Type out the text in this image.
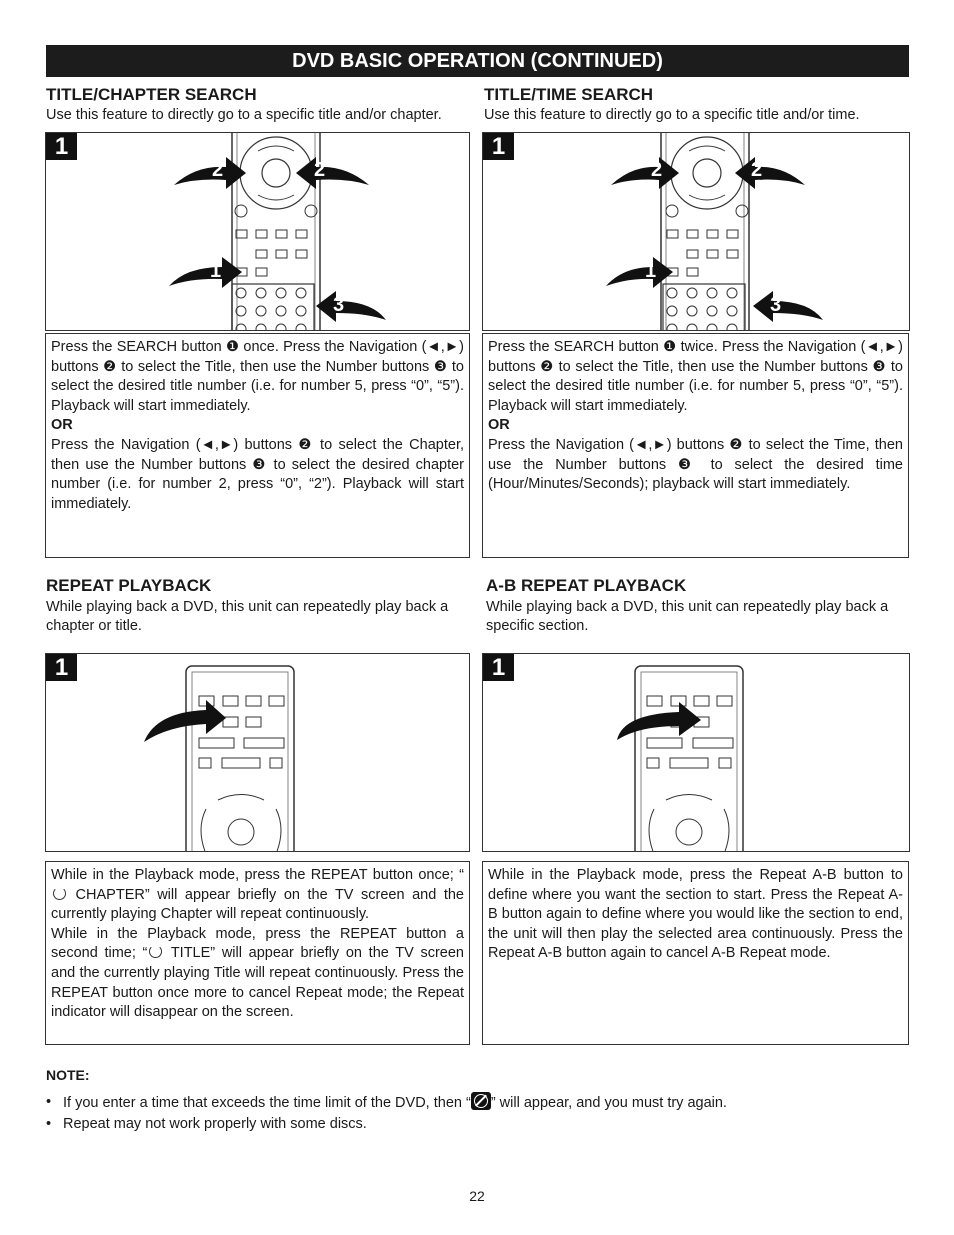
DVD BASIC OPERATION (CONTINUED)
TITLE/CHAPTER SEARCH
Use this feature to directly go to a specific title and/or chapter.
1
2	2
1
3

Press the SEARCH button ❶ once. Press the Navigation (◄,►) buttons ❷ to select the Title, then use the Number buttons ❸ to select the desired title number (i.e. for number 5, press “0”, “5”). Playback will start immediately.

OR

Press the Navigation (◄,►) buttons ❷ to select the Chapter, then use the Number buttons ❸ to select the desired chapter number (i.e. for number 2, press “0”, “2”). Playback will start immediately.

TITLE/TIME SEARCH
Use this feature to directly go to a specific title and/or time.
1
2	2
1
3

Press the SEARCH button ❶ twice. Press the Navigation (◄,►) buttons ❷ to select the Title, then use the Number buttons ❸ to select the desired title number (i.e. for number 5, press “0”, “5”). Playback will start immediately.

OR

Press the Navigation (◄,►) buttons ❷ to select the Time, then use the Number buttons ❸ to select the desired time (Hour/Minutes/Seconds); playback will start immediately.

REPEAT PLAYBACK
While playing back a DVD, this unit can repeatedly play back a chapter or title.
1

While in the Playback mode, press the REPEAT button once; “ CHAPTER” will appear briefly on the TV screen and the currently playing Chapter will repeat continuously.

While in the Playback mode, press the REPEAT button a second time; “ TITLE” will appear briefly on the TV screen and the currently playing Title will repeat continuously. Press the REPEAT button once more to cancel Repeat mode; the Repeat indicator will disappear on the screen.

A-B REPEAT PLAYBACK
While playing back a DVD, this unit can repeatedly play back a specific section.
1

While in the Playback mode, press the Repeat A-B button to define where you want the section to start. Press the Repeat A-B button again to define where you would like the section to end, the unit will then play the selected area continuously. Press the Repeat A-B button again to cancel A-B Repeat mode.

NOTE:
• If you enter a time that exceeds the time limit of the DVD, then “ ” will appear, and you must try again.
• Repeat may not work properly with some discs.
22
